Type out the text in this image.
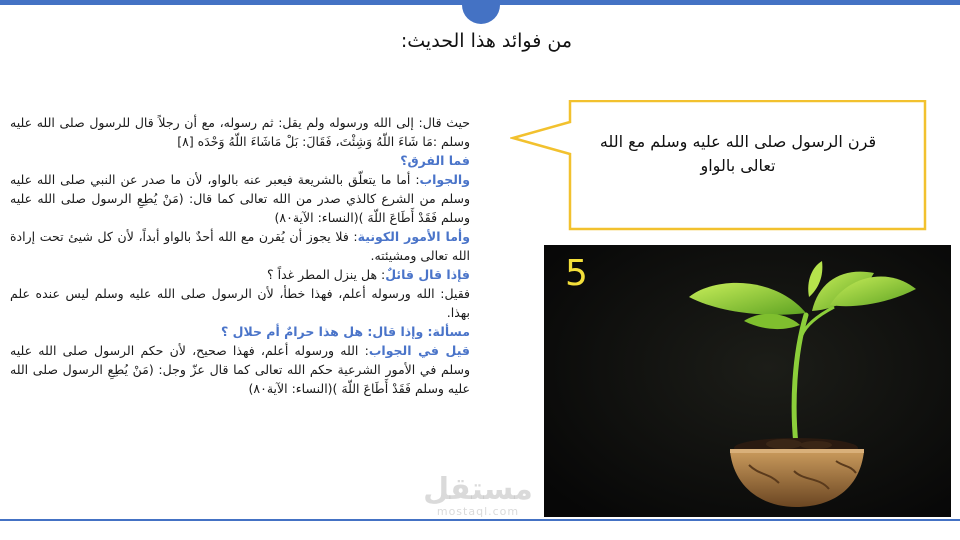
من فوائد هذا الحديث:

حيث قال: إلى الله ورسوله ولم يقل: ثم رسوله، مع أن رجلاً قال للرسول صلى الله عليه وسلم :مَا شَاءَ اللّهُ وَشِئْتَ، فَقَالَ: بَلْ مَاشَاءَ اللّهُ وَحْدَه [٨]

فما الفرق؟

والجواب: أما ما يتعلّق بالشريعة فيعبر عنه بالواو، لأن ما صدر عن النبي صلى الله عليه وسلم من الشرع كالذي صدر من الله تعالى كما قال: (مَنْ يُطِعِ الرسول صلى الله عليه وسلم فَقَدْ أَطَاعَ اللّهَ )(النساء: الآية٨٠)

وأما الأمور الكونية: فلا يجوز أن يُقرن مع الله أحدٌ بالواو أبداً، لأن كل شيئ تحت إرادة الله تعالى ومشيئته.

فإذا قال قائلٌ: هل ينزل المطر غداً ؟

فقيل: الله ورسوله أعلم، فهذا خطأ، لأن الرسول صلى الله عليه وسلم ليس عنده علم بهذا.

مسألة: وإذا قال: هل هذا حرامٌ أم حلال ؟

قيل في الجواب: الله ورسوله أعلم، فهذا صحيح، لأن حكم الرسول صلى الله عليه وسلم في الأمور الشرعية حكم الله تعالى كما قال عزّ وجل: (مَنْ يُطِعِ الرسول صلى الله عليه وسلم فَقَدْ أَطَاعَ اللّهَ )(النساء: الآية٨٠)

قرن الرسول صلى الله عليه وسلم مع الله تعالى بالواو
5
مستقل
mostaql.com
